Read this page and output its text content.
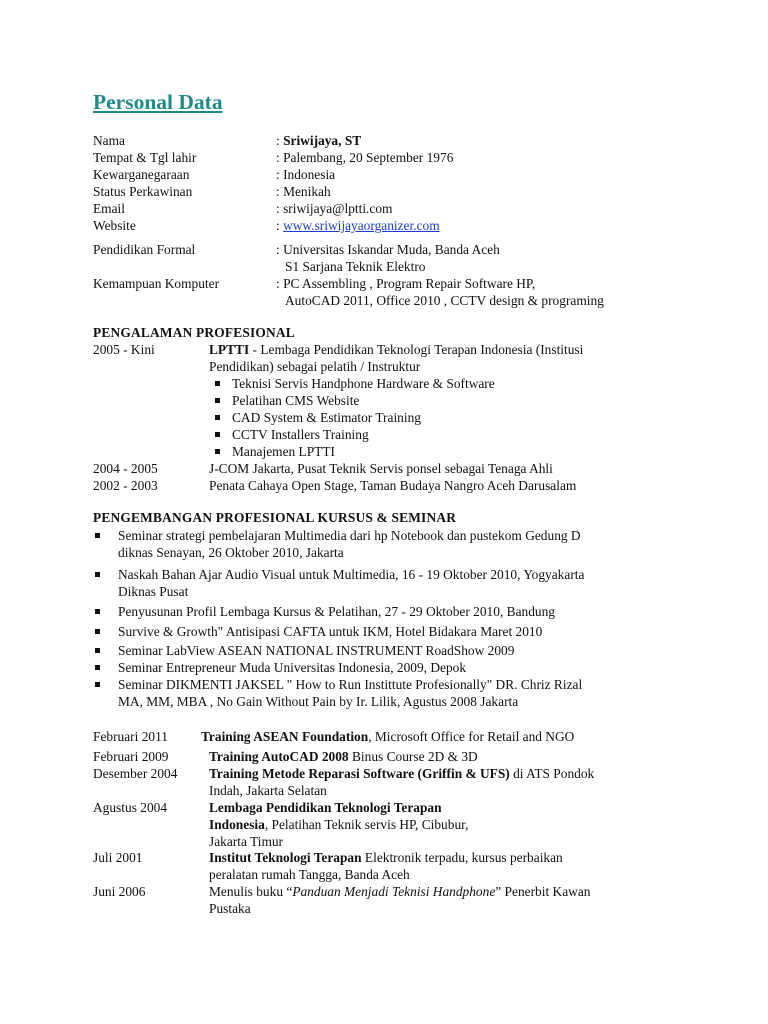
Personal Data
Nama	: Sriwijaya, ST
Tempat & Tgl lahir	: Palembang, 20 September 1976
Kewarganegaraan	: Indonesia
Status Perkawinan	: Menikah
Email	: sriwijaya@lptti.com
Website	: www.sriwijayaorganizer.com
Pendidikan Formal	: Universitas Iskandar Muda, Banda Aceh
S1 Sarjana Teknik Elektro
Kemampuan Komputer	: PC Assembling , Program Repair Software HP,
AutoCAD 2011, Office 2010 , CCTV design & programing
PENGALAMAN PROFESIONAL
2005 - Kini	LPTTI - Lembaga Pendidikan Teknologi Terapan Indonesia (Institusi
Pendidikan) sebagai pelatih / Instruktur
Teknisi Servis Handphone Hardware & Software
Pelatihan CMS Website
CAD System & Estimator Training
CCTV Installers Training
Manajemen LPTTI
2004 - 2005	J-COM Jakarta, Pusat Teknik Servis ponsel sebagai Tenaga Ahli
2002 - 2003	Penata Cahaya Open Stage, Taman Budaya Nangro Aceh Darusalam
PENGEMBANGAN PROFESIONAL KURSUS & SEMINAR
Seminar strategi pembelajaran Multimedia dari hp Notebook dan pustekom Gedung D
diknas Senayan, 26 Oktober 2010, Jakarta
Naskah Bahan Ajar Audio Visual untuk Multimedia, 16 - 19 Oktober 2010, Yogyakarta
Diknas Pusat
Penyusunan Profil Lembaga Kursus & Pelatihan, 27 - 29 Oktober 2010, Bandung
Survive & Growth" Antisipasi CAFTA untuk IKM, Hotel Bidakara Maret 2010
Seminar LabView ASEAN NATIONAL INSTRUMENT RoadShow 2009
Seminar Entrepreneur Muda Universitas Indonesia, 2009, Depok
Seminar DIKMENTI JAKSEL " How to Run Instittute Profesionally" DR. Chriz Rizal
MA, MM, MBA , No Gain Without Pain by Ir. Lilik, Agustus 2008 Jakarta
Februari 2011 Training ASEAN Foundation, Microsoft Office for Retail and NGO
Februari 2009	Training AutoCAD 2008 Binus Course 2D & 3D
Desember 2004 Training Metode Reparasi Software (Griffin & UFS) di ATS Pondok
Indah, Jakarta Selatan
Agustus 2004	Lembaga Pendidikan Teknologi Terapan
Indonesia, Pelatihan Teknik servis HP, Cibubur,
Jakarta Timur
Juli 2001	Institut Teknologi Terapan Elektronik terpadu, kursus perbaikan
peralatan rumah Tangga, Banda Aceh
Juni 2006	Menulis buku “Panduan Menjadi Teknisi Handphone” Penerbit Kawan
Pustaka
